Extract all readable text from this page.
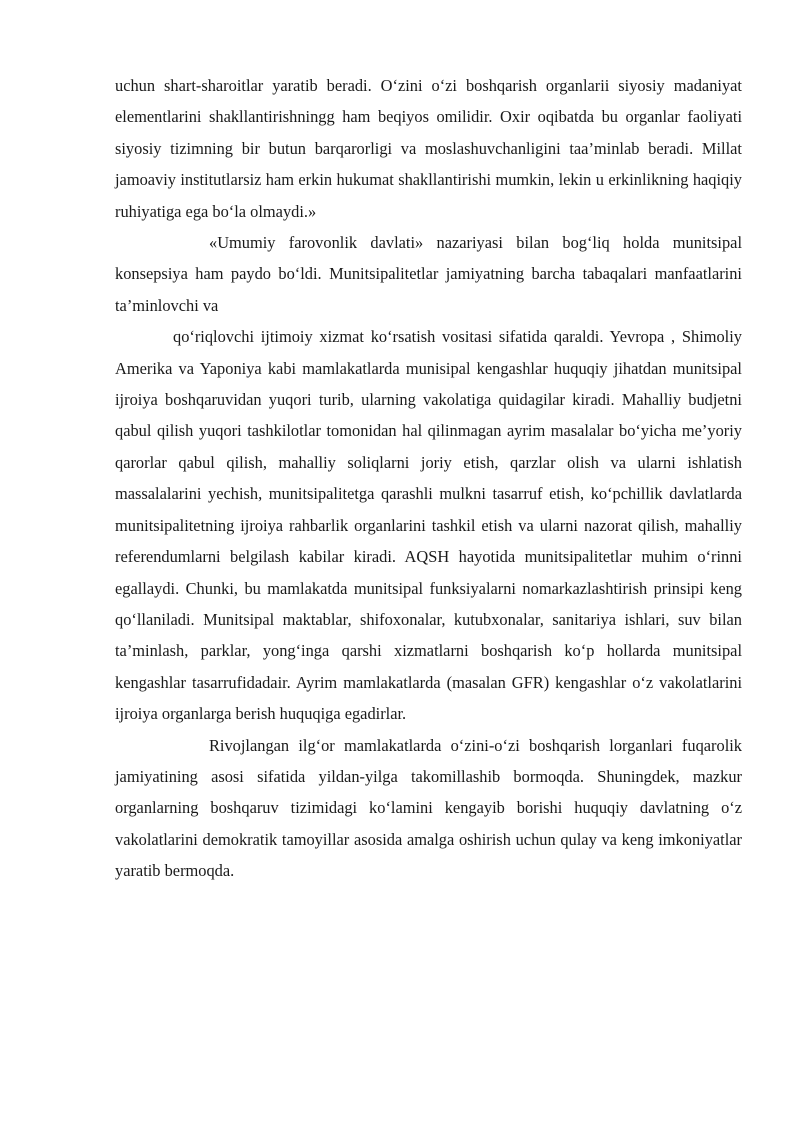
uchun shart-sharoitlar yaratib beradi. O‘zini o‘zi boshqarish organlarii siyosiy madaniyat elementlarini shakllantirishningg ham beqiyos omilidir. Oxir oqibatda bu organlar faoliyati siyosiy tizimning bir butun barqarorligi va moslashuvchanligini taa’minlab beradi. Millat jamoaviy institutlarsiz ham erkin hukumat shakllantirishi mumkin, lekin u erkinlikning haqiqiy ruhiyatiga ega bo‘la olmaydi.»

«Umumiy farovonlik davlati» nazariyasi bilan bog‘liq holda munitsipal konsepsiya ham paydo bo‘ldi. Munitsipalitetlar jamiyatning barcha tabaqalari manfaatlarini ta’minlovchi va

qo‘riqlovchi ijtimoiy xizmat ko‘rsatish vositasi sifatida qaraldi. Yevropa , Shimoliy Amerika va Yaponiya kabi mamlakatlarda munisipal kengashlar huquqiy jihatdan munitsipal ijroiya boshqaruvidan yuqori turib, ularning vakolatiga quidagilar kiradi. Mahalliy budjetni qabul qilish yuqori tashkilotlar tomonidan hal qilinmagan ayrim masalalar bo‘yicha me’yoriy qarorlar qabul qilish, mahalliy soliqlarni joriy etish, qarzlar olish va ularni ishlatish massalalarini yechish, munitsipalitetga qarashli mulkni tasarruf etish, ko‘pchillik davlatlarda munitsipalitetning ijroiya rahbarlik organlarini tashkil etish va ularni nazorat qilish, mahalliy referendumlarni belgilash kabilar kiradi. AQSH hayotida munitsipalitetlar muhim o‘rinni egallaydi. Chunki, bu mamlakatda munitsipal funksiyalarni nomarkazlashtirish prinsipi keng qo‘llaniladi. Munitsipal maktablar, shifoxonalar, kutubxonalar, sanitariya ishlari, suv bilan ta’minlash, parklar, yong‘inga qarshi xizmatlarni boshqarish ko‘p hollarda munitsipal kengashlar tasarrufidadair. Ayrim mamlakatlarda (masalan GFR) kengashlar o‘z vakolatlarini ijroiya organlarga berish huquqiga egadirlar.

Rivojlangan ilg‘or mamlakatlarda o‘zini-o‘zi boshqarish lorganlari fuqarolik jamiyatining asosi sifatida yildan-yilga takomillashib bormoqda. Shuningdek, mazkur organlarning boshqaruv tizimidagi ko‘lamini kengayib borishi huquqiy davlatning o‘z vakolatlarini demokratik tamoyillar asosida amalga oshirish uchun qulay va keng imkoniyatlar yaratib bermoqda.
